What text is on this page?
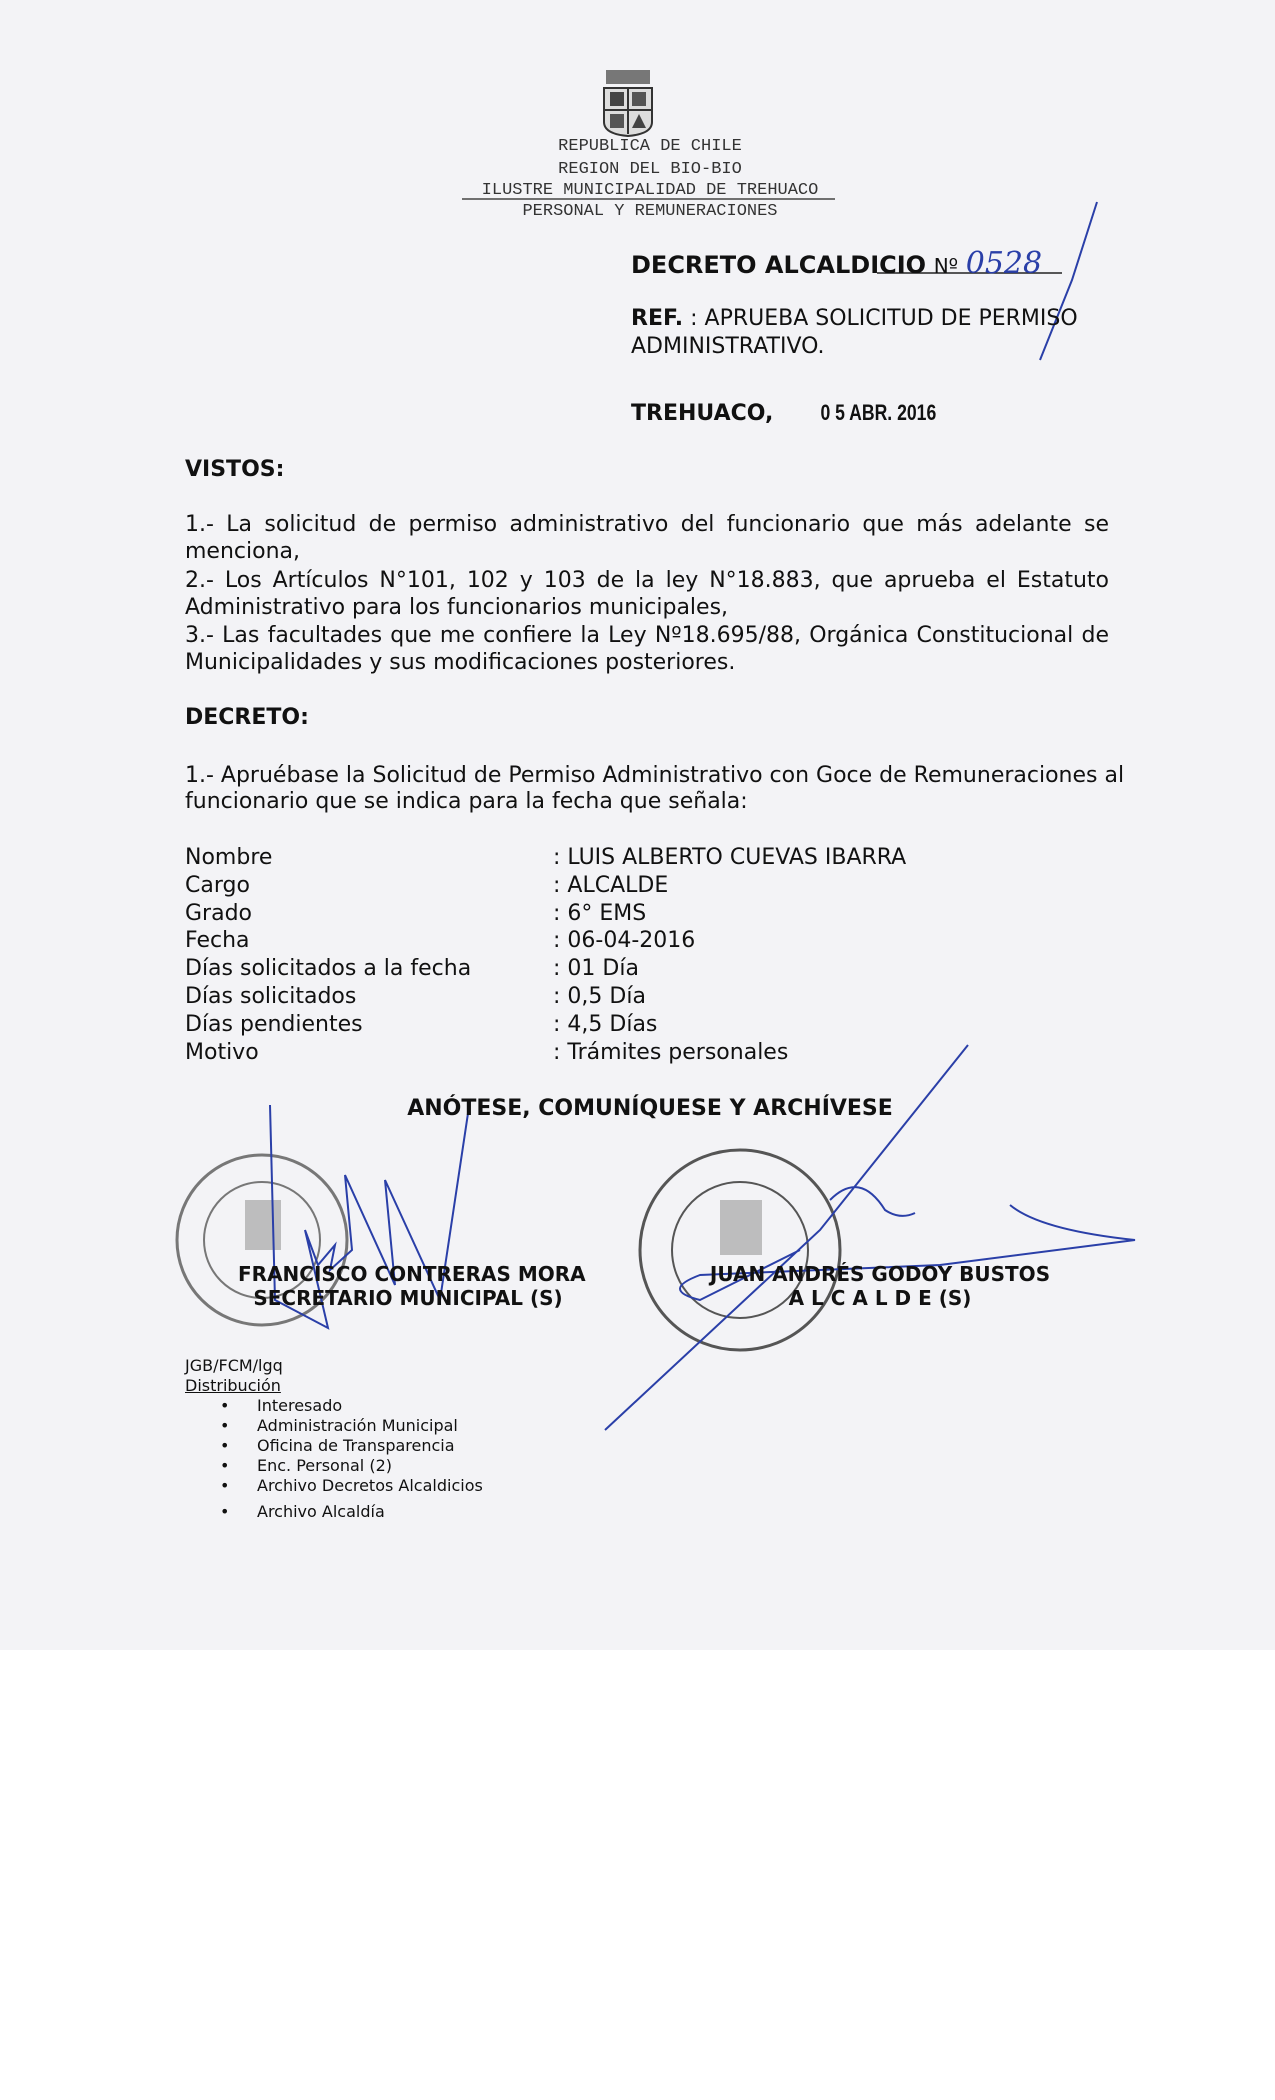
REPUBLICA DE CHILE
REGION DEL BIO-BIO
ILUSTRE MUNICIPALIDAD DE TREHUACO
PERSONAL Y REMUNERACIONES
DECRETO ALCALDICIO Nº 0528
REF. : APRUEBA SOLICITUD DE PERMISO
ADMINISTRATIVO.
TREHUACO, 0 5 ABR. 2016
VISTOS:
1.- La solicitud de permiso administrativo del funcionario que más adelante se
menciona,
2.- Los Artículos N°101, 102 y 103 de la ley N°18.883, que aprueba el Estatuto
Administrativo para los funcionarios municipales,
3.- Las facultades que me confiere la Ley Nº18.695/88, Orgánica Constitucional de
Municipalidades y sus modificaciones posteriores.
DECRETO:
1.- Apruébase la Solicitud de Permiso Administrativo con Goce de Remuneraciones al
funcionario que se indica para la fecha que señala:
Nombre	: LUIS ALBERTO CUEVAS IBARRA
Cargo	: ALCALDE
Grado	: 6° EMS
Fecha	: 06-04-2016
Días solicitados a la fecha	: 01 Día
Días solicitados	: 0,5 Día
Días pendientes	: 4,5 Días
Motivo	: Trámites personales
ANÓTESE, COMUNÍQUESE Y ARCHÍVESE
FRANCISCO CONTRERAS MORA
SECRETARIO MUNICIPAL (S)
JUAN ANDRÉS GODOY BUSTOS
A L C A L D E (S)
JGB/FCM/lgq
Distribución
• Interesado
• Administración Municipal
• Oficina de Transparencia
• Enc. Personal (2)
• Archivo Decretos Alcaldicios
• Archivo Alcaldía
